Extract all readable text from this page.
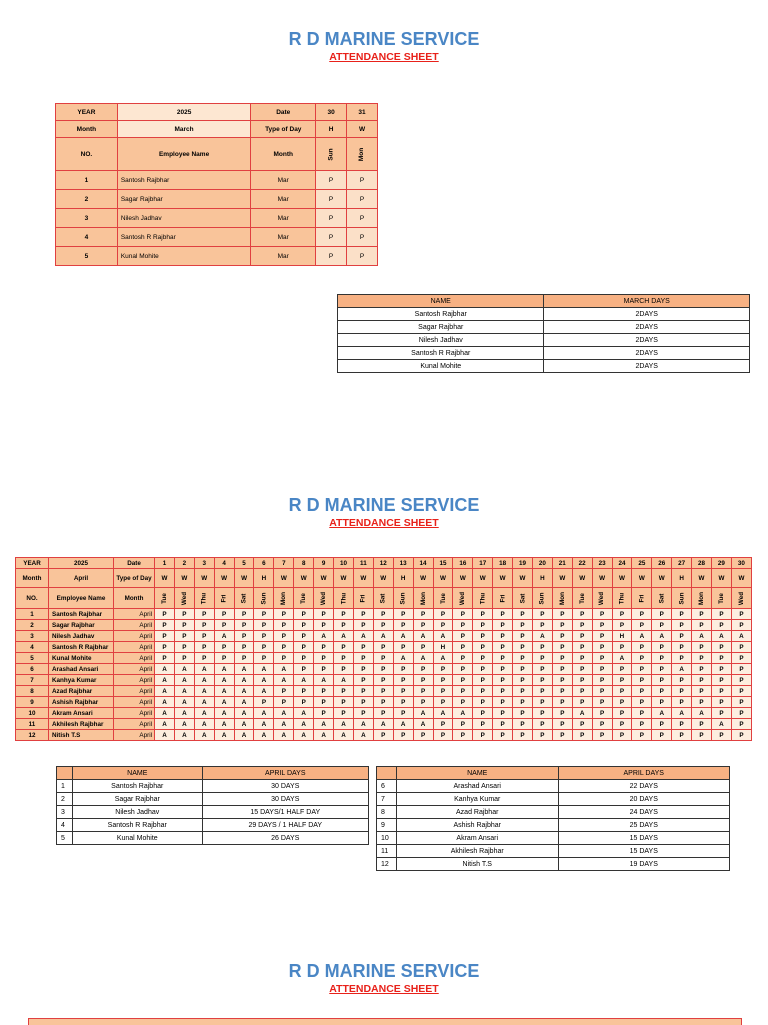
R D MARINE SERVICE
ATTENDANCE SHEET
YEAR	2025	Date	30	31
Month	March	Type of Day	H	W
NO.	Employee Name	Month	Sun	Mon
1	Santosh Rajbhar	Mar	P	P
2	Sagar Rajbhar	Mar	P	P
3	Nilesh Jadhav	Mar	P	P
4	Santosh R Rajbhar	Mar	P	P
5	Kunal Mohite	Mar	P	P
NAME	MARCH DAYS
Santosh Rajbhar	2DAYS
Sagar Rajbhar	2DAYS
Nilesh Jadhav	2DAYS
Santosh R Rajbhar	2DAYS
Kunal Mohite	2DAYS
R D MARINE SERVICE
ATTENDANCE SHEET
YEAR	2025	Date	1	2	3	4	5	6	7	8	9	10	11	12	13	14	15	16	17	18	19	20	21	22	23	24	25	26	27	28	29	30
Month	April	Type of Day	W	W	W	W	W	H	W	W	W	W	W	W	H	W	W	W	W	W	W	H	W	W	W	W	W	W	H	W	W	W
NO.	Employee Name	Month	Tue	Wed	Thu	Fri	Sat	Sun	Mon	Tue	Wed	Thu	Fri	Sat	Sun	Mon	Tue	Wed	Thu	Fri	Sat	Sun	Mon	Tue	Wed	Thu	Fri	Sat	Sun	Mon	Tue	Wed
1	Santosh Rajbhar	April	P	P	P	P	P	P	P	P	P	P	P	P	P	P	P	P	P	P	P	P	P	P	P	P	P	P	P	P	P	P
2	Sagar Rajbhar	April	P	P	P	P	P	P	P	P	P	P	P	P	P	P	P	P	P	P	P	P	P	P	P	P	P	P	P	P	P	P
3	Nilesh Jadhav	April	P	P	P	A	P	P	P	P	A	A	A	A	A	A	A	P	P	P	P	A	P	P	P	H	A	A	P	A	A	A
4	Santosh R Rajbhar	April	P	P	P	P	P	P	P	P	P	P	P	P	P	P	H	P	P	P	P	P	P	P	P	P	P	P	P	P	P	P
5	Kunal Mohite	April	P	P	P	P	P	P	P	P	P	P	P	P	A	A	A	P	P	P	P	P	P	P	P	A	P	P	P	P	P	P
6	Arashad Ansari	April	A	A	A	A	A	A	A	P	P	P	P	P	P	P	P	P	P	P	P	P	P	P	P	P	P	P	A	P	P	P
7	Kanhya Kumar	April	A	A	A	A	A	A	A	A	A	A	P	P	P	P	P	P	P	P	P	P	P	P	P	P	P	P	P	P	P	P
8	Azad Rajbhar	April	A	A	A	A	A	A	P	P	P	P	P	P	P	P	P	P	P	P	P	P	P	P	P	P	P	P	P	P	P	P
9	Ashish Rajbhar	April	A	A	A	A	A	P	P	P	P	P	P	P	P	P	P	P	P	P	P	P	P	P	P	P	P	P	P	P	P	P
10	Akram Ansari	April	A	A	A	A	A	A	A	A	P	P	P	P	P	A	A	A	P	P	P	P	P	A	P	P	P	A	A	A	P	P
11	Akhilesh Rajbhar	April	A	A	A	A	A	A	A	A	A	A	A	A	A	A	P	P	P	P	P	P	P	P	P	P	P	P	P	P	A	P
12	Nitish T.S	April	A	A	A	A	A	A	A	A	A	A	A	P	P	P	P	P	P	P	P	P	P	P	P	P	P	P	P	P	P	P
	NAME	APRIL DAYS
1	Santosh Rajbhar	30 DAYS
2	Sagar Rajbhar	30 DAYS
3	Nilesh Jadhav	15 DAYS/1 HALF DAY
4	Santosh R Rajbhar	29 DAYS / 1 HALF DAY
5	Kunal Mohite	26 DAYS
	NAME	APRIL DAYS
6	Arashad Ansari	22 DAYS
7	Kanhya Kumar	20 DAYS
8	Azad Rajbhar	24 DAYS
9	Ashish Rajbhar	25 DAYS
10	Akram Ansari	15 DAYS
11	Akhilesh Rajbhar	15 DAYS
12	Nitish T.S	19 DAYS
R D MARINE SERVICE
ATTENDANCE SHEET
